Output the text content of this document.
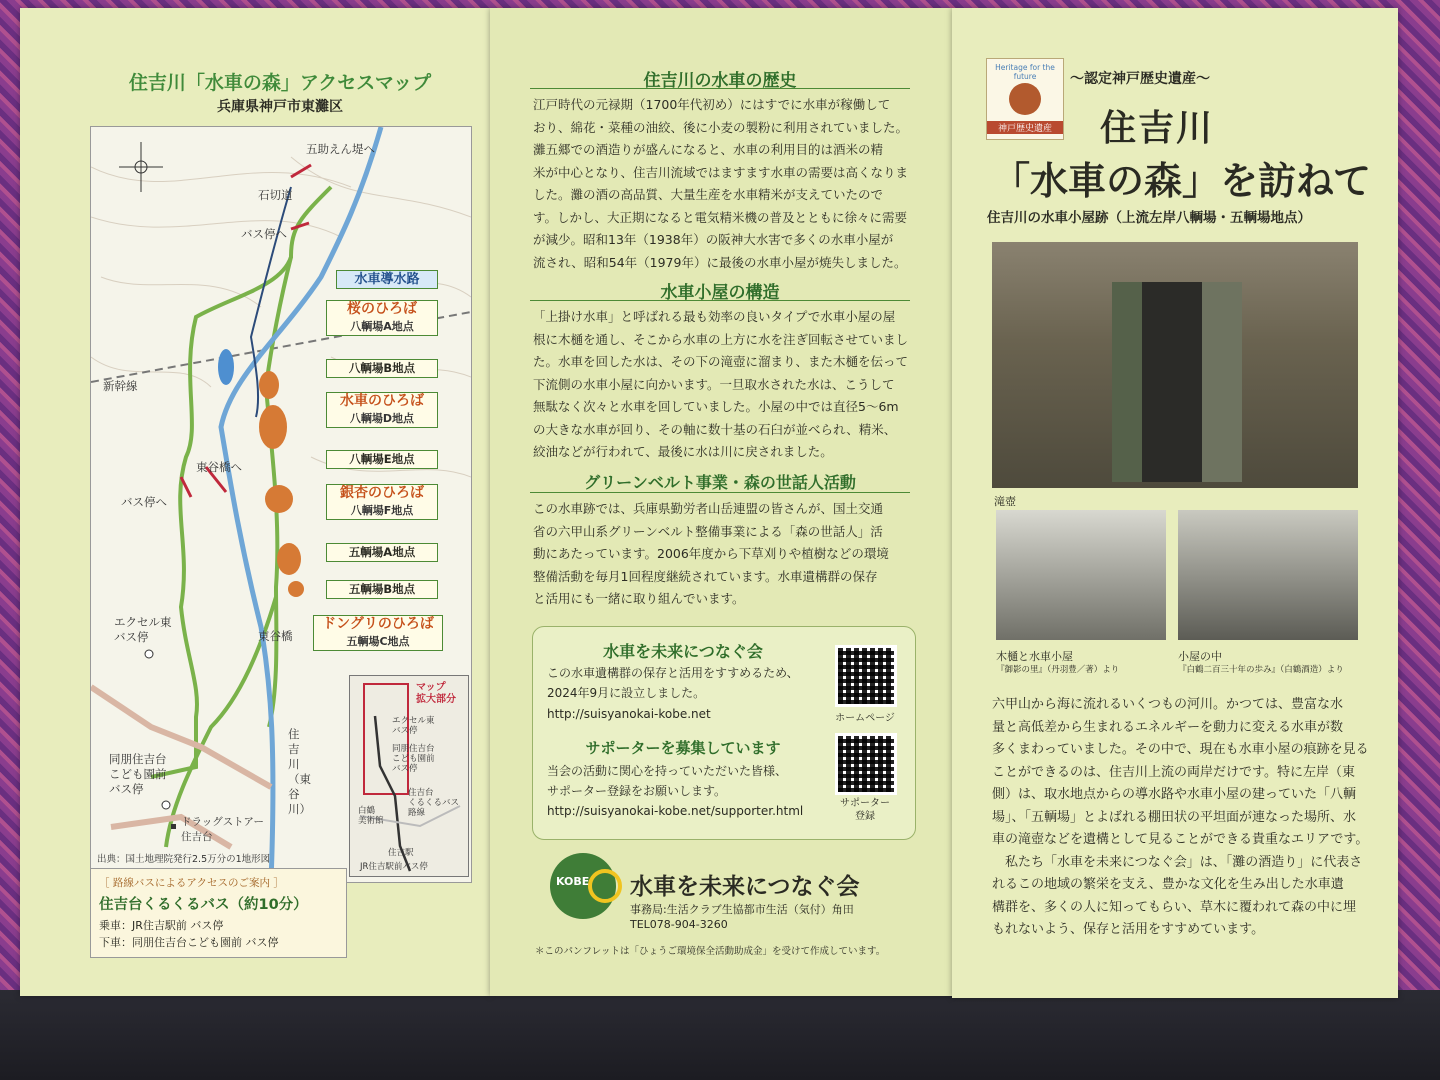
住吉川「水車の森」アクセスマップ
兵庫県神戸市東灘区
五助えん堤へ
石切道
バス停へ
新幹線
東谷橋へ
バス停へ
エクセル東
バス停	東谷橋
住吉川
（東谷川）
同朋住吉台
こども園前
バス停
ドラッグストアー
住吉台
出典：国土地理院発行2.5万分の1地形図
水車導水路
桜のひろば
八輌場A地点
八輌場B地点
水車のひろば
八輌場D地点
八輌場E地点
銀杏のひろば
八輌場F地点
五輌場A地点
五輌場B地点
ドングリのひろば
五輌場C地点
マップ
拡大部分
エクセル東
バス停
同朋住吉台
こども園前
バス停
住吉台
くるくるバス
路線
白鶴
美術館
住吉駅
JR住吉駅前バス停
［ 路線バスによるアクセスのご案内 ］
住吉台くるくるバス（約10分）
乗車：JR住吉駅前 バス停
下車：同朋住吉台こども園前 バス停
住吉川の水車の歴史
江戸時代の元禄期（1700年代初め）にはすでに水車が稼働して
おり、綿花・菜種の油絞、後に小麦の製粉に利用されていました。
灘五郷での酒造りが盛んになると、水車の利用目的は酒米の精
米が中心となり、住吉川流域ではますます水車の需要は高くなりま
した。灘の酒の高品質、大量生産を水車精米が支えていたので
す。しかし、大正期になると電気精米機の普及とともに徐々に需要
が減少。昭和13年（1938年）の阪神大水害で多くの水車小屋が
流され、昭和54年（1979年）に最後の水車小屋が焼失しました。
水車小屋の構造
「上掛け水車」と呼ばれる最も効率の良いタイプで水車小屋の屋
根に木樋を通し、そこから水車の上方に水を注ぎ回転させていまし
た。水車を回した水は、その下の滝壺に溜まり、また木樋を伝って
下流側の水車小屋に向かいます。一旦取水された水は、こうして
無駄なく次々と水車を回していました。小屋の中では直径5〜6m
の大きな水車が回り、その軸に数十基の石臼が並べられ、精米、
絞油などが行われて、最後に水は川に戻されました。
グリーンベルト事業・森の世話人活動
この水車跡では、兵庫県勤労者山岳連盟の皆さんが、国土交通
省の六甲山系グリーンベルト整備事業による「森の世話人」活
動にあたっています。2006年度から下草刈りや植樹などの環境
整備活動を毎月1回程度継続されています。水車遺構群の保存
と活用にも一緒に取り組んでいます。
水車を未来につなぐ会
この水車遺構群の保存と活用をすすめるため、
2024年9月に設立しました。
http://suisyanokai-kobe.net	ホームページ
サポーターを募集しています
当会の活動に関心を持っていただいた皆様、
サポーター登録をお願いします。
http://suisyanokai-kobe.net/supporter.html
サポーター
登録
KOBE 水車を未来につなぐ会
事務局:生活クラブ生協都市生活（気付）角田
TEL078-904-3260
＊このパンフレットは「ひょうご環境保全活動助成金」を受けて作成しています。
Heritage for the future
神戸歴史遺産
〜認定神戸歴史遺産〜
住吉川
「水車の森」を訪ねて
住吉川の水車小屋跡（上流左岸八輌場・五輌場地点）
滝壺
木樋と水車小屋
『御影の里』（丹羽豊／著）より
小屋の中
『白鶴二百三十年の歩み』（白鶴酒造）より
六甲山から海に流れるいくつもの河川。かつては、豊富な水
量と高低差から生まれるエネルギーを動力に変える水車が数
多くまわっていました。その中で、現在も水車小屋の痕跡を見る
ことができるのは、住吉川上流の両岸だけです。特に左岸（東
側）は、取水地点からの導水路や水車小屋の建っていた「八輌
場」、「五輌場」とよばれる棚田状の平坦面が連なった場所、水
車の滝壺などを遺構として見ることができる貴重なエリアです。
　私たち「水車を未来につなぐ会」は、「灘の酒造り」に代表さ
れるこの地域の繁栄を支え、豊かな文化を生み出した水車遺
構群を、多くの人に知ってもらい、草木に覆われて森の中に埋
もれないよう、保存と活用をすすめています。
